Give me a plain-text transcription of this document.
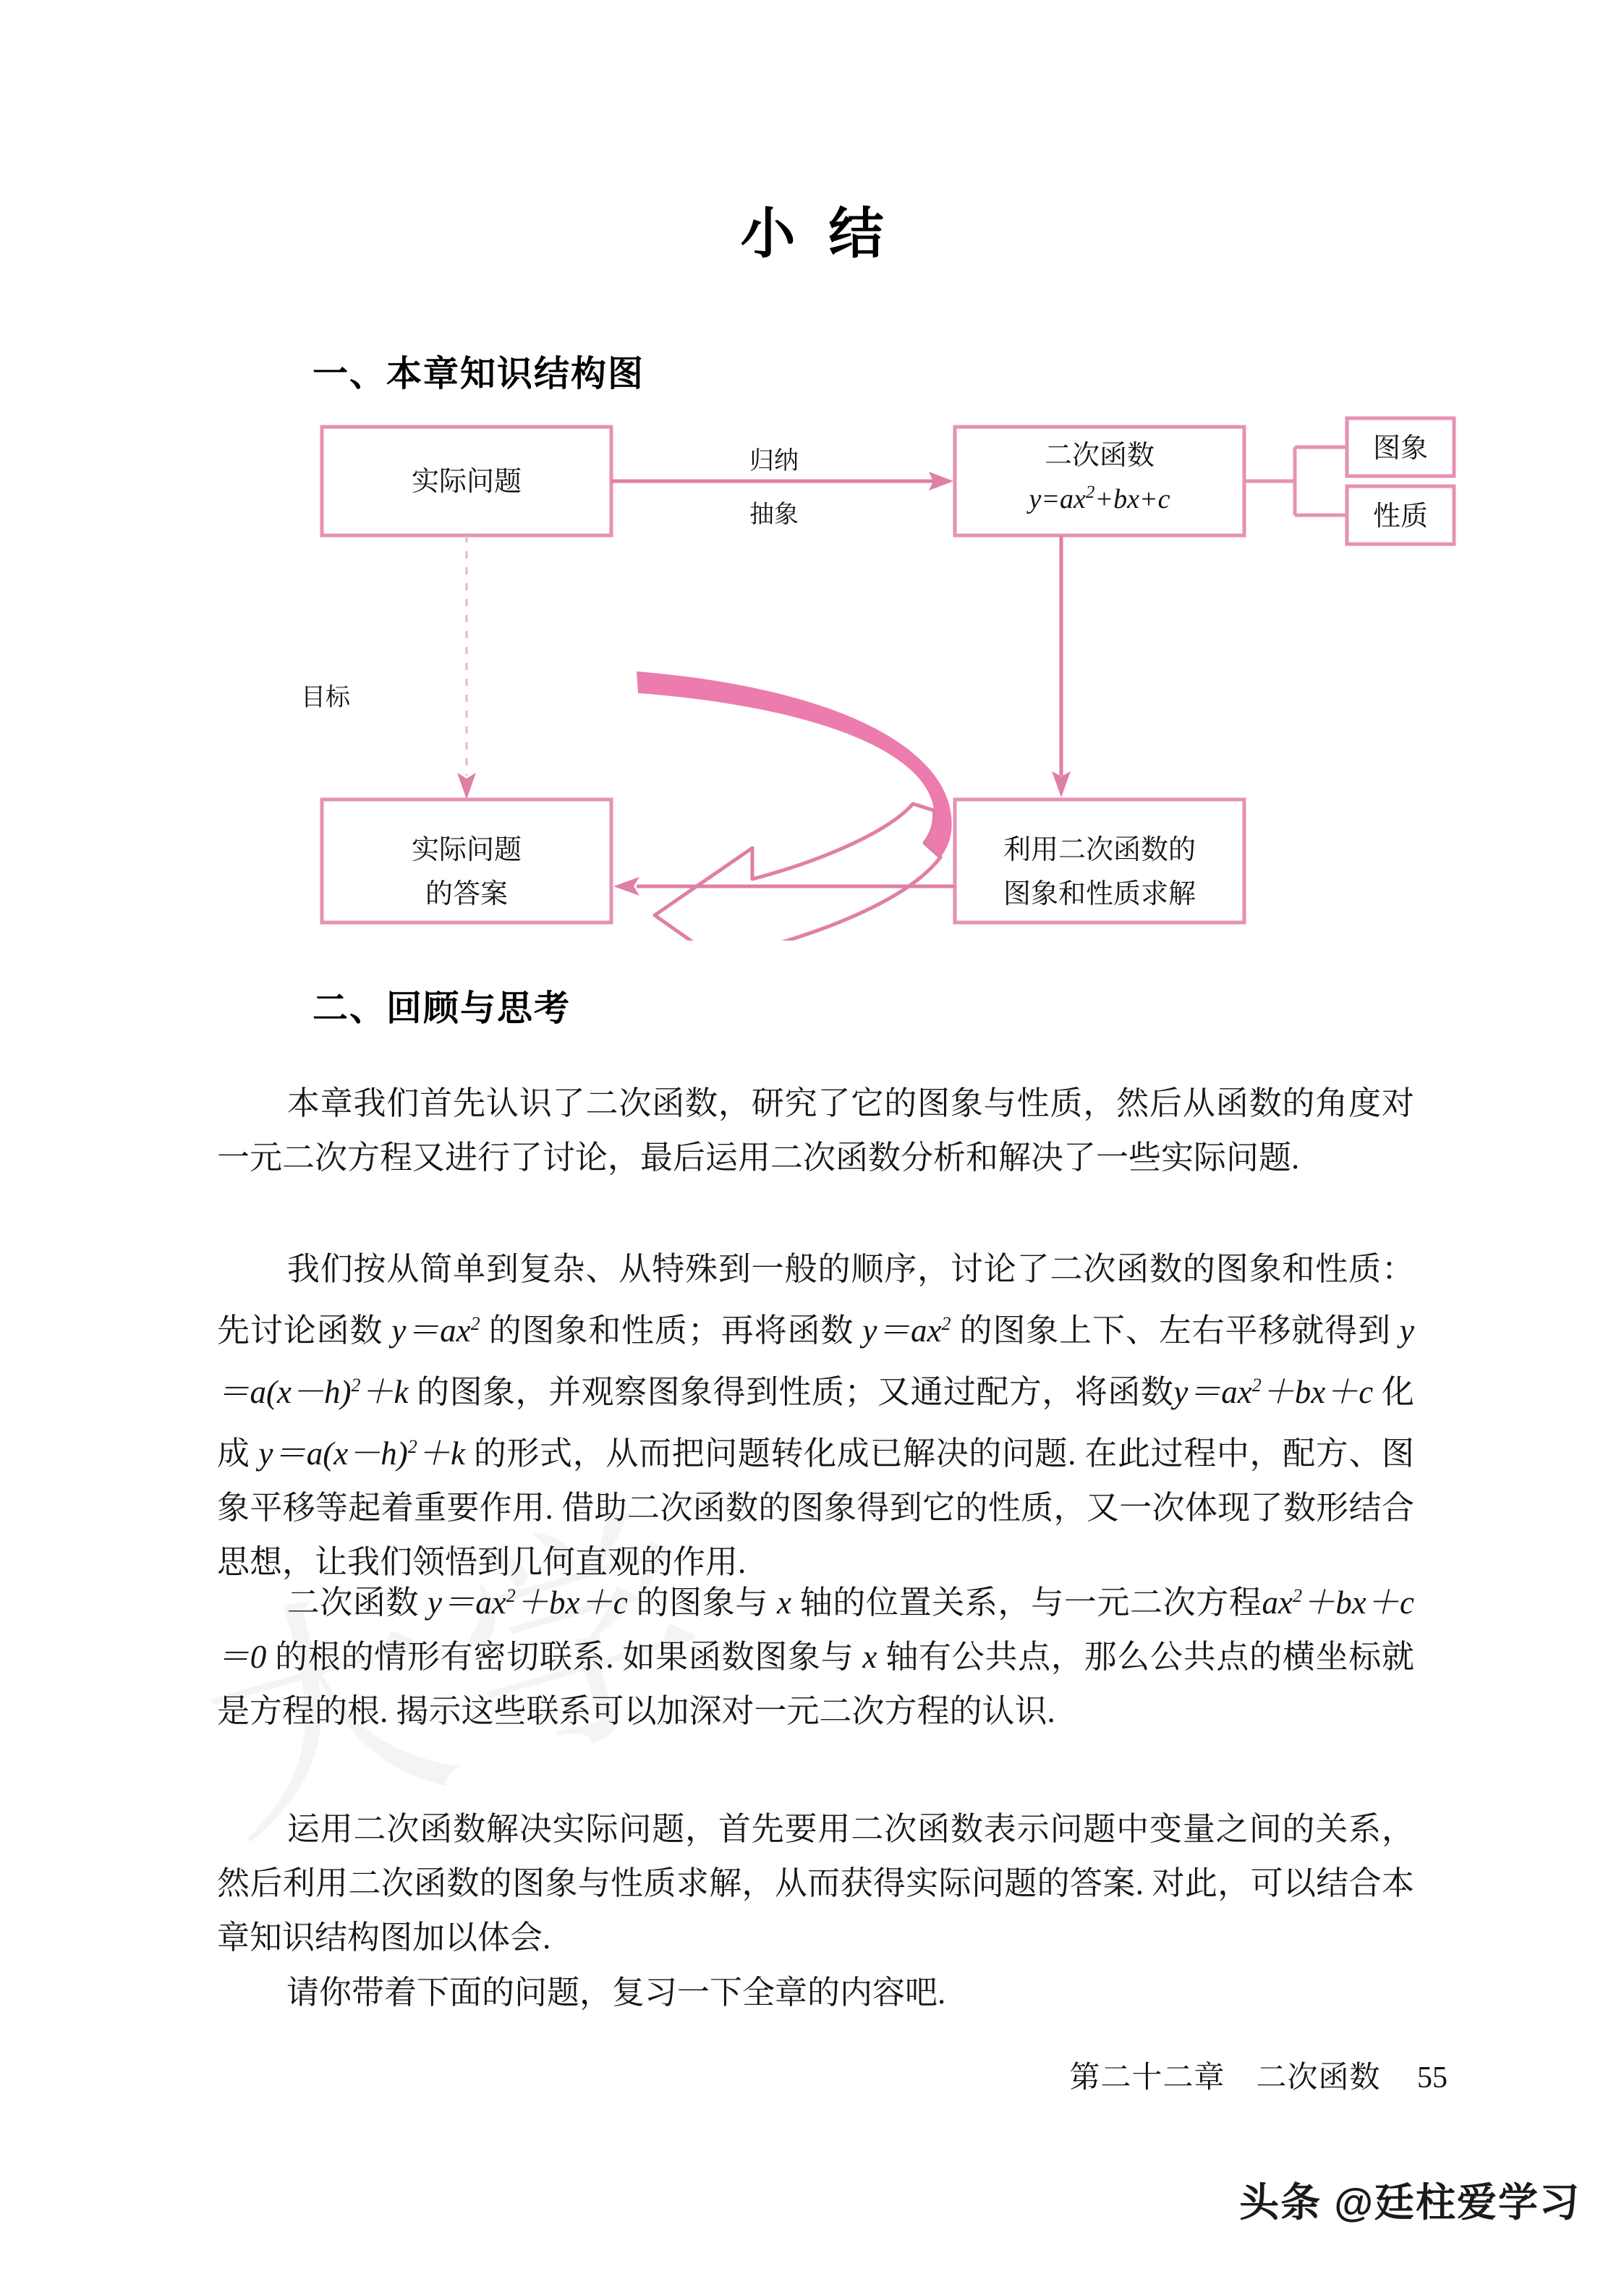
小结
一、本章知识结构图
实际问题
归纳
抽象
二次函数
$y=ax^2+bx+c$
图象
性质
目标
利用二次函数的
图象和性质求解
实际问题
的答案
二、回顾与思考

本章我们首先认识了二次函数，研究了它的图象与性质，然后从函数的角度对一元二次方程又进行了讨论，最后运用二次函数分析和解决了一些实际问题.

我们按从简单到复杂、从特殊到一般的顺序，讨论了二次函数的图象和性质：先讨论函数 $y=ax^2$ 的图象和性质；再将函数 $y=ax^2$ 的图象上下、左右平移就得到 $y=a(x-h)^2+k$ 的图象，并观察图象得到性质；又通过配方，将函数$y=ax^2+bx+c$ 化成 $y=a(x-h)^2+k$ 的形式，从而把问题转化成已解决的问题. 在此过程中，配方、图象平移等起着重要作用. 借助二次函数的图象得到它的性质，又一次体现了数形结合思想，让我们领悟到几何直观的作用.

二次函数 $y=ax^2+bx+c$ 的图象与 x 轴的位置关系，与一元二次方程$ax^2+bx+c=0$ 的根的情形有密切联系. 如果函数图象与 x 轴有公共点，那么公共点的横坐标就是方程的根. 揭示这些联系可以加深对一元二次方程的认识.

运用二次函数解决实际问题，首先要用二次函数表示问题中变量之间的关系，然后利用二次函数的图象与性质求解，从而获得实际问题的答案. 对此，可以结合本章知识结构图加以体会.

请你带着下面的问题，复习一下全章的内容吧.

第二十二章　二次函数 55
头条 @廷柱爱学习
